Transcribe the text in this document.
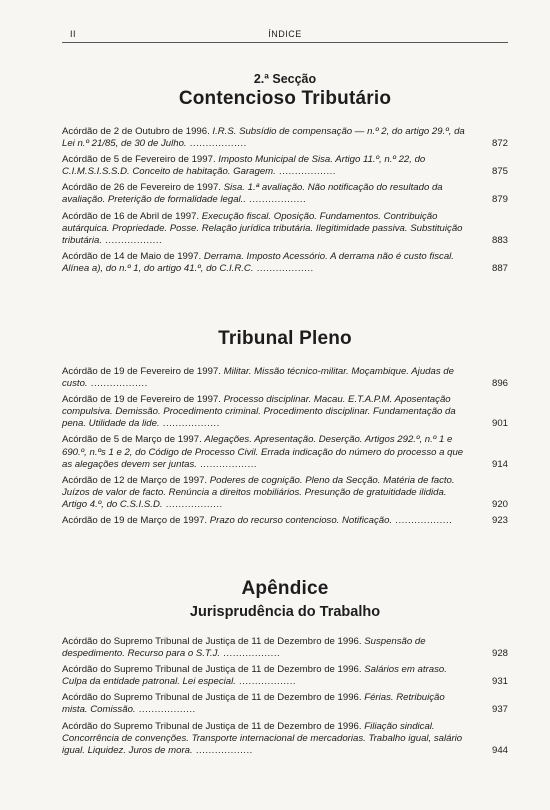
II	ÍNDICE

2.ª Secção

Contencioso Tributário

Acórdão de 2 de Outubro de 1996. I.R.S. Subsídio de compensação — n.º 2, do artigo 29.º, da Lei n.º 21/85, de 30 de Julho. ..................	872
Acórdão de 5 de Fevereiro de 1997. Imposto Municipal de Sisa. Artigo 11.º, n.º 22, do C.I.M.S.I.S.S.D. Conceito de habitação. Garagem. ..................	875
Acórdão de 26 de Fevereiro de 1997. Sisa. 1.ª avaliação. Não notificação do resultado da avaliação. Preterição de formalidade legal.. ..................	879
Acórdão de 16 de Abril de 1997. Execução fiscal. Oposição. Fundamentos. Contribuição autárquica. Propriedade. Posse. Relação jurídica tributária. Ilegitimidade passiva. Substituição tributária. ..................	883
Acórdão de 14 de Maio de 1997. Derrama. Imposto Acessório. A derrama não é custo fiscal. Alínea a), do n.º 1, do artigo 41.º, do C.I.R.C. ..................	887

Tribunal Pleno

Acórdão de 19 de Fevereiro de 1997. Militar. Missão técnico-militar. Moçambique. Ajudas de custo. ..................	896
Acórdão de 19 de Fevereiro de 1997. Processo disciplinar. Macau. E.T.A.P.M. Aposentação compulsiva. Demissão. Procedimento criminal. Procedimento disciplinar. Fundamentação da pena. Utilidade da lide. ..................	901
Acórdão de 5 de Março de 1997. Alegações. Apresentação. Deserção. Artigos 292.º, n.º 1 e 690.º, n.ºs 1 e 2, do Código de Processo Civil. Errada indicação do número do processo a que as alegações devem ser juntas. ..................	914
Acórdão de 12 de Março de 1997. Poderes de cognição. Pleno da Secção. Matéria de facto. Juízos de valor de facto. Renúncia a direitos mobiliários. Presunção de gratuitidade ilidida. Artigo 4.º, do C.S.I.S.D. ..................	920
Acórdão de 19 de Março de 1997. Prazo do recurso contencioso. Notificação. ..................	923

Apêndice

Jurisprudência do Trabalho

Acórdão do Supremo Tribunal de Justiça de 11 de Dezembro de 1996. Suspensão de despedimento. Recurso para o S.T.J. ..................	928
Acórdão do Supremo Tribunal de Justiça de 11 de Dezembro de 1996. Salários em atraso. Culpa da entidade patronal. Lei especial. ..................	931
Acórdão do Supremo Tribunal de Justiça de 11 de Dezembro de 1996. Férias. Retribuição mista. Comissão. ..................	937
Acórdão do Supremo Tribunal de Justiça de 11 de Dezembro de 1996. Filiação sindical. Concorrência de convenções. Transporte internacional de mercadorias. Trabalho igual, salário igual. Liquidez. Juros de mora. ..................	944
